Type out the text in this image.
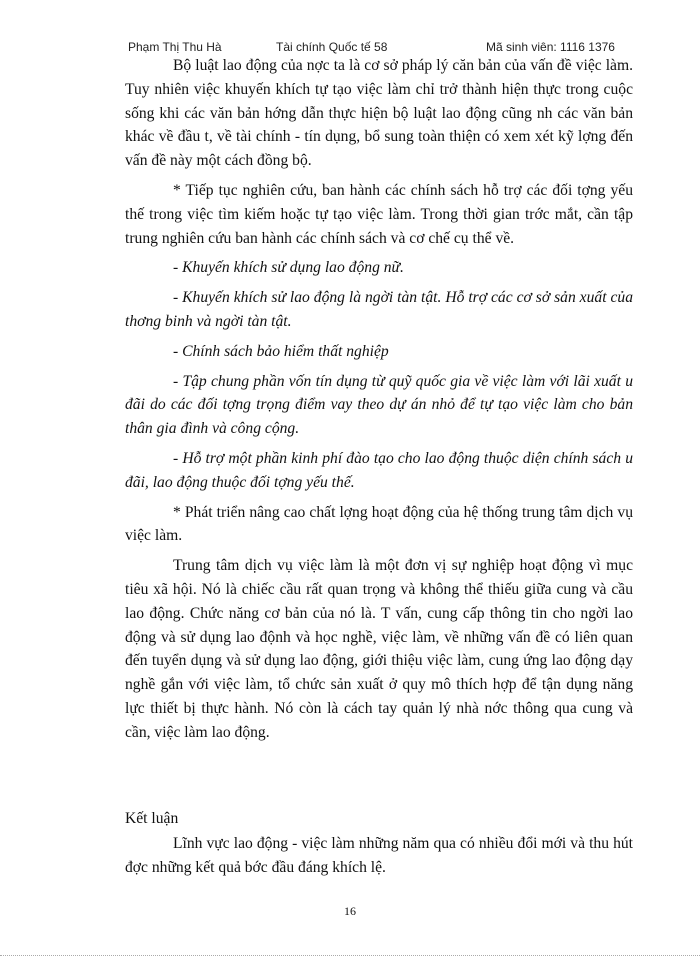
Phạm Thị Thu Hà	Tài chính Quốc tế 58	Mã sinh viên: 1116 1376

Bộ luật lao động của nợc ta là cơ sở pháp lý căn bản của vấn đề việc làm. Tuy nhiên việc khuyến khích tự tạo việc làm chỉ trở thành hiện thực trong cuộc sống khi các văn bản hớng dẫn thực hiện bộ luật lao động cũng nh các văn bản khác về đầu t, về tài chính - tín dụng, bổ sung toàn thiện có xem xét kỹ lợng đến vấn đề này một cách đồng bộ.

* Tiếp tục nghiên cứu, ban hành các chính sách hỗ trợ các đối tợng yếu thế trong việc tìm kiếm hoặc tự tạo việc làm. Trong thời gian trớc mắt, cần tập trung nghiên cứu ban hành các chính sách và cơ chế cụ thể về.

- Khuyến khích sử dụng lao động nữ.

- Khuyến khích sử lao động là ngời tàn tật. Hỗ trợ các cơ sở sản xuất của thơng binh và ngời tàn tật.

- Chính sách bảo hiểm thất nghiệp

- Tập chung phần vốn tín dụng từ quỹ quốc gia về việc làm với lãi xuất u đãi do các đối tợng trọng điểm vay theo dự án nhỏ để tự tạo việc làm cho bản thân gia đình và công cộng.

- Hỗ trợ một phần kinh phí đào tạo cho lao động thuộc diện chính sách u đãi, lao động thuộc đối tợng yếu thế.

* Phát triển nâng cao chất lợng hoạt động của hệ thống trung tâm dịch vụ việc làm.

Trung tâm dịch vụ việc làm là một đơn vị sự nghiệp hoạt động vì mục tiêu xã hội. Nó là chiếc cầu rất quan trọng và không thể thiếu giữa cung và cầu lao động. Chức năng cơ bản của nó là. T vấn, cung cấp thông tin cho ngời lao động và sử dụng lao độnh và học nghề, việc làm, về những vấn đề có liên quan đến tuyển dụng và sử dụng lao động, giới thiệu việc làm, cung ứng lao động dạy nghề gắn với việc làm, tổ chức sản xuất ở quy mô thích hợp để tận dụng năng lực thiết bị thực hành. Nó còn là cách tay quản lý nhà nớc thông qua cung và cần, việc làm lao động.

Kết luận

Lĩnh vực lao động - việc làm những năm qua có nhiều đổi mới và thu hút đợc những kết quả bớc đầu đáng khích lệ.

16
